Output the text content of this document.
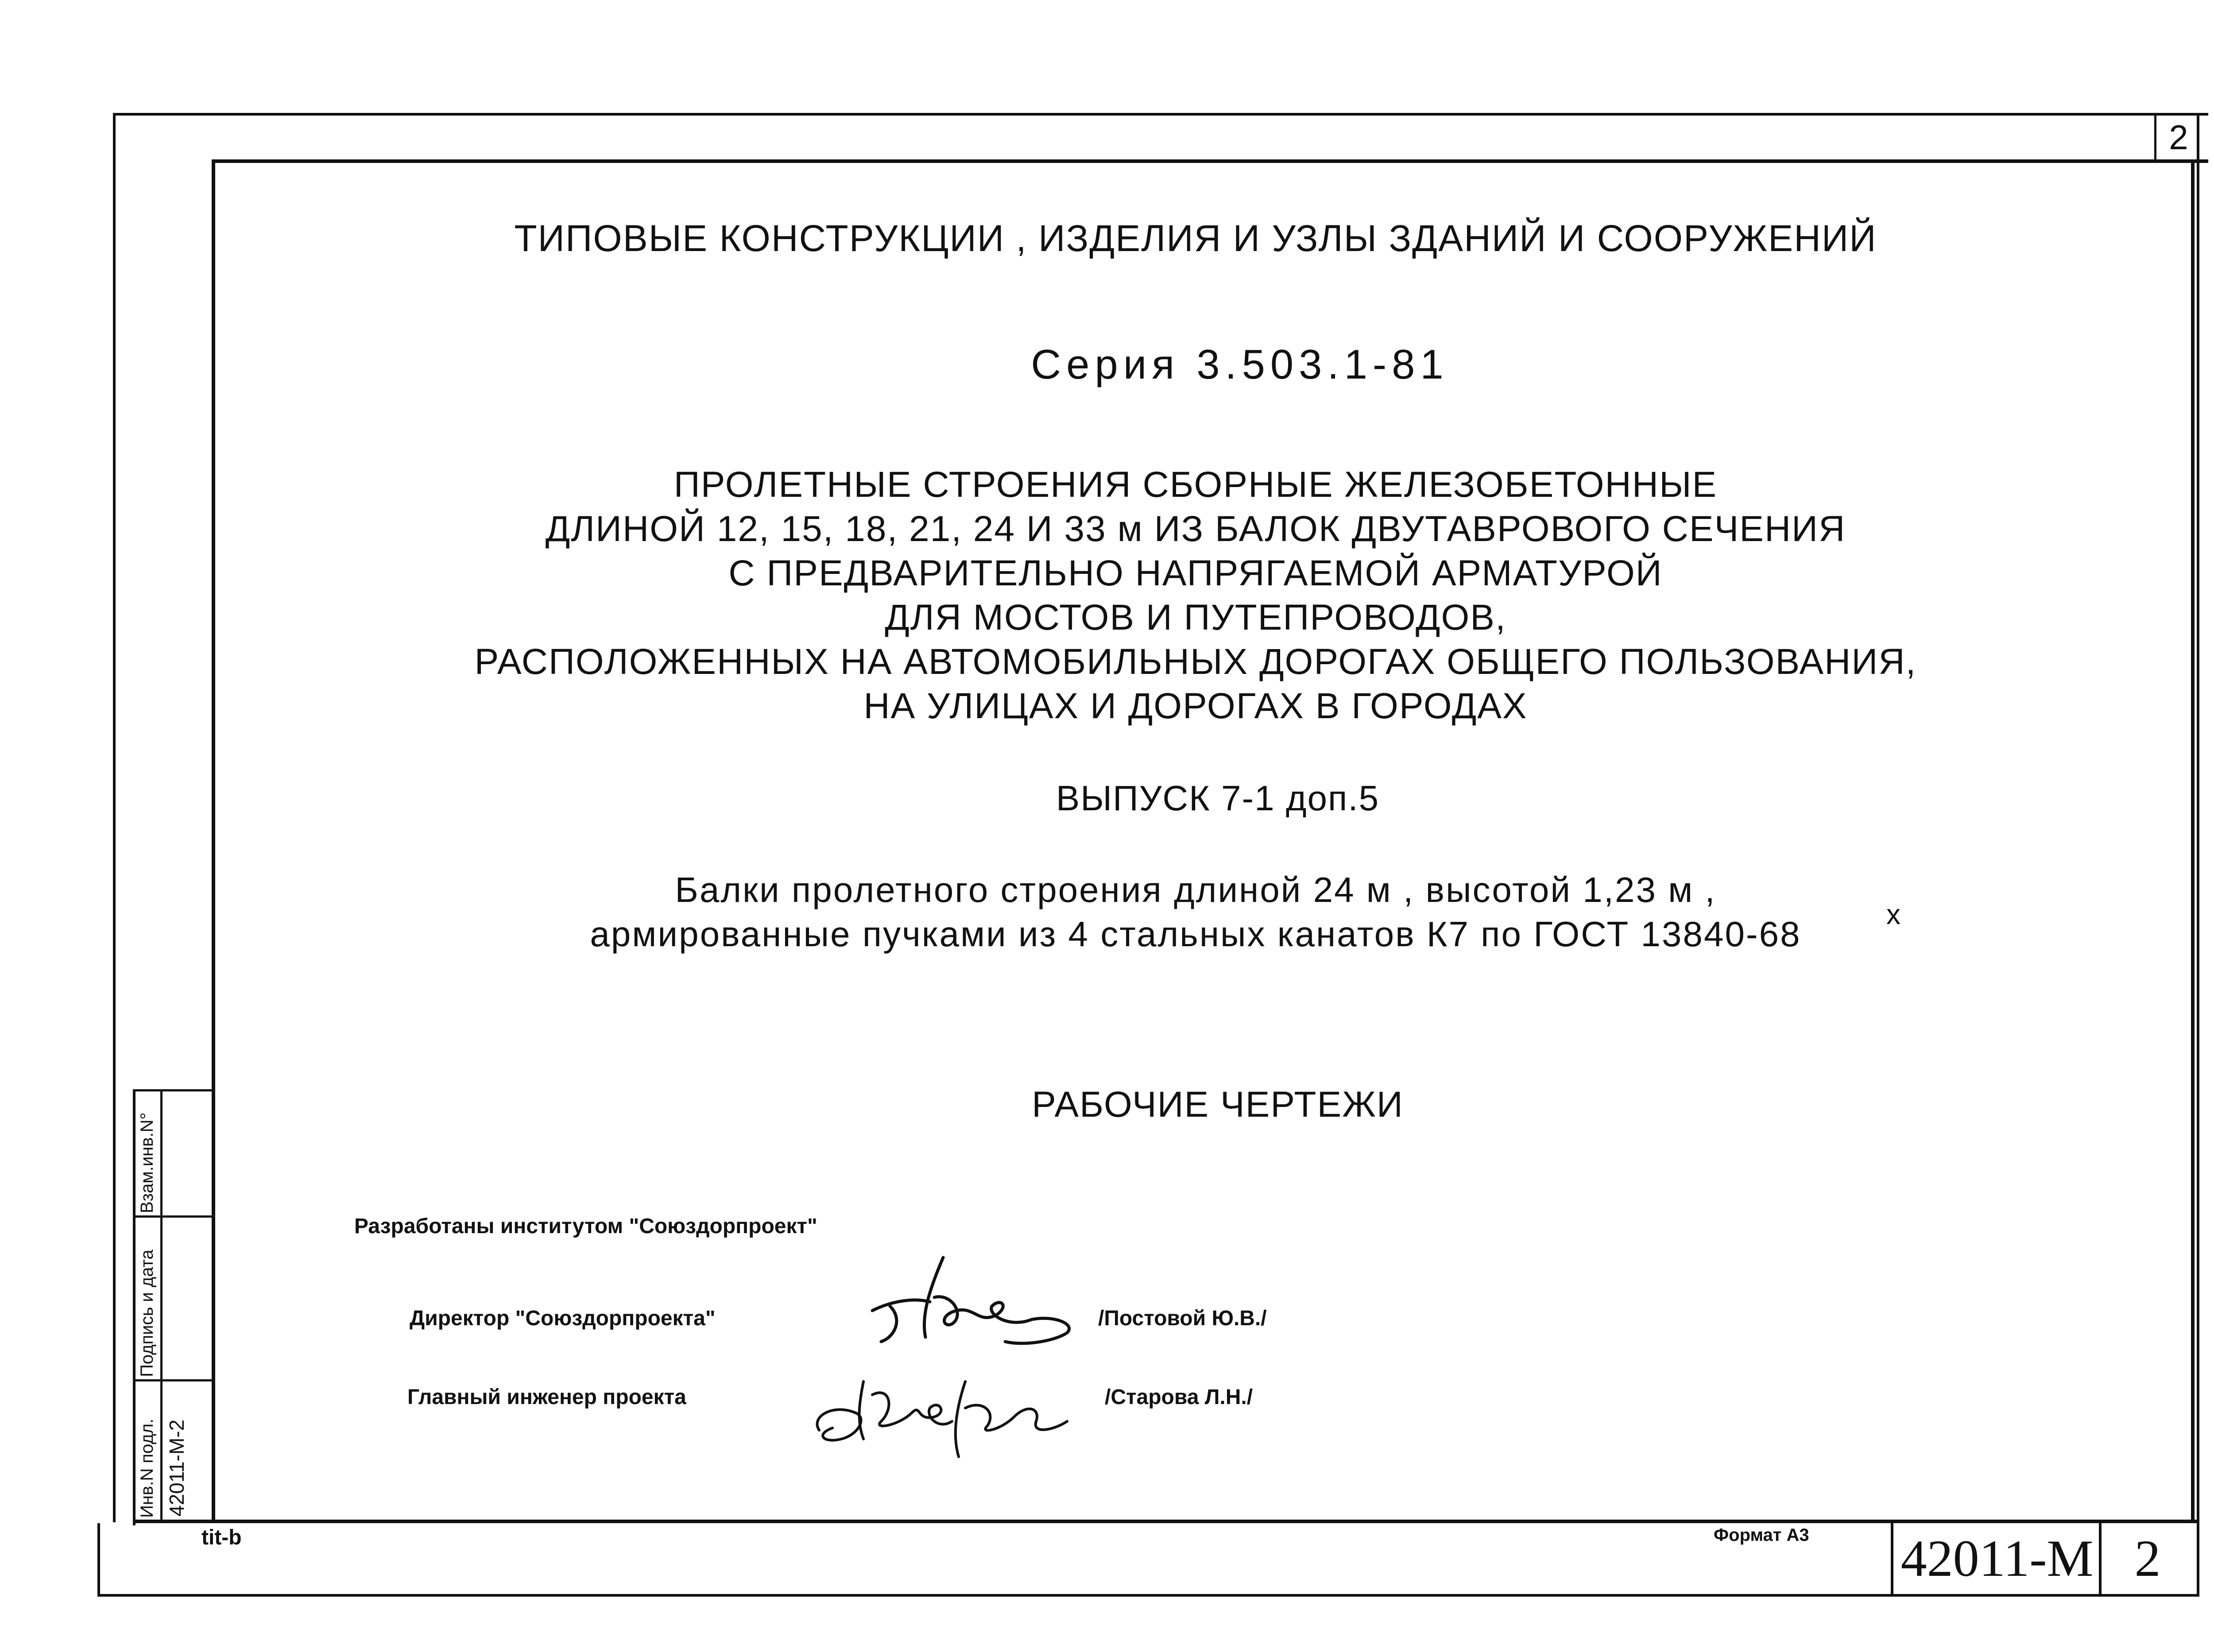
2
ТИПОВЫЕ КОНСТРУКЦИИ , ИЗДЕЛИЯ И УЗЛЫ ЗДАНИЙ И СООРУЖЕНИЙ
Серия 3.503.1-81
ПРОЛЕТНЫЕ СТРОЕНИЯ СБОРНЫЕ ЖЕЛЕЗОБЕТОННЫЕ
ДЛИНОЙ 12, 15, 18, 21, 24 И 33 м ИЗ БАЛОК ДВУТАВРОВОГО СЕЧЕНИЯ
С ПРЕДВАРИТЕЛЬНО НАПРЯГАЕМОЙ АРМАТУРОЙ
ДЛЯ МОСТОВ И ПУТЕПРОВОДОВ,
РАСПОЛОЖЕННЫХ НА АВТОМОБИЛЬНЫХ ДОРОГАХ ОБЩЕГО ПОЛЬЗОВАНИЯ,
НА УЛИЦАХ И ДОРОГАХ В ГОРОДАХ
ВЫПУСК 7-1 доп.5
Балки пролетного строения длиной 24 м , высотой 1,23 м ,
армированные пучками из 4 стальных канатов К7 по ГОСТ 13840-68	x
РАБОЧИЕ ЧЕРТЕЖИ
Разработаны институтом "Союздорпроект"
Директор "Союздорпроекта"	/Постовой Ю.В./
Главный инженер проекта	/Старова Л.Н./
Взам.инв.N°
Подпись и дата
Инв.N подл. 42011-М-2
tit-b	Формат А3 42011-М 2
